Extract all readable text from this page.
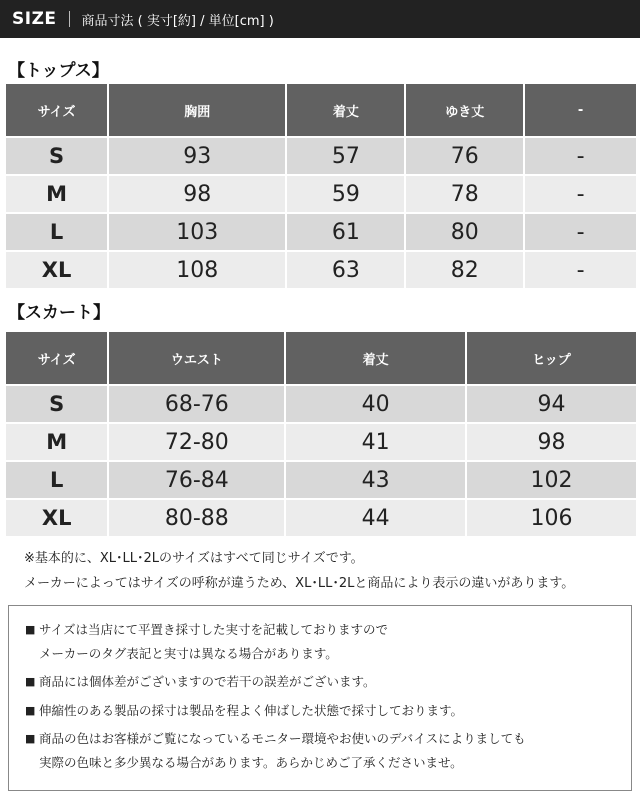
SIZE 商品寸法 ( 実寸[約] / 単位[cm] )
【トップス】
サイズ	胸囲	着丈	ゆき丈	-
S	93	57	76	-
M	98	59	78	-
L	103	61	80	-
XL	108	63	82	-
【スカート】
サイズ	ウエスト	着丈	ヒップ
S	68-76	40	94
M	72-80	41	98
L	76-84	43	102
XL	80-88	44	106
※基本的に、XL･LL･2Lのサイズはすべて同じサイズです。
メーカーによってはサイズの呼称が違うため、XL･LL･2Lと商品により表示の違いがあります。
■ サイズは当店にて平置き採寸した実寸を記載しておりますので
メーカーのタグ表記と実寸は異なる場合があります。
■ 商品には個体差がございますので若干の誤差がございます。
■ 伸縮性のある製品の採寸は製品を程よく伸ばした状態で採寸しております。
■ 商品の色はお客様がご覧になっているモニター環境やお使いのデバイスによりましても
実際の色味と多少異なる場合があります。あらかじめご了承くださいませ。
